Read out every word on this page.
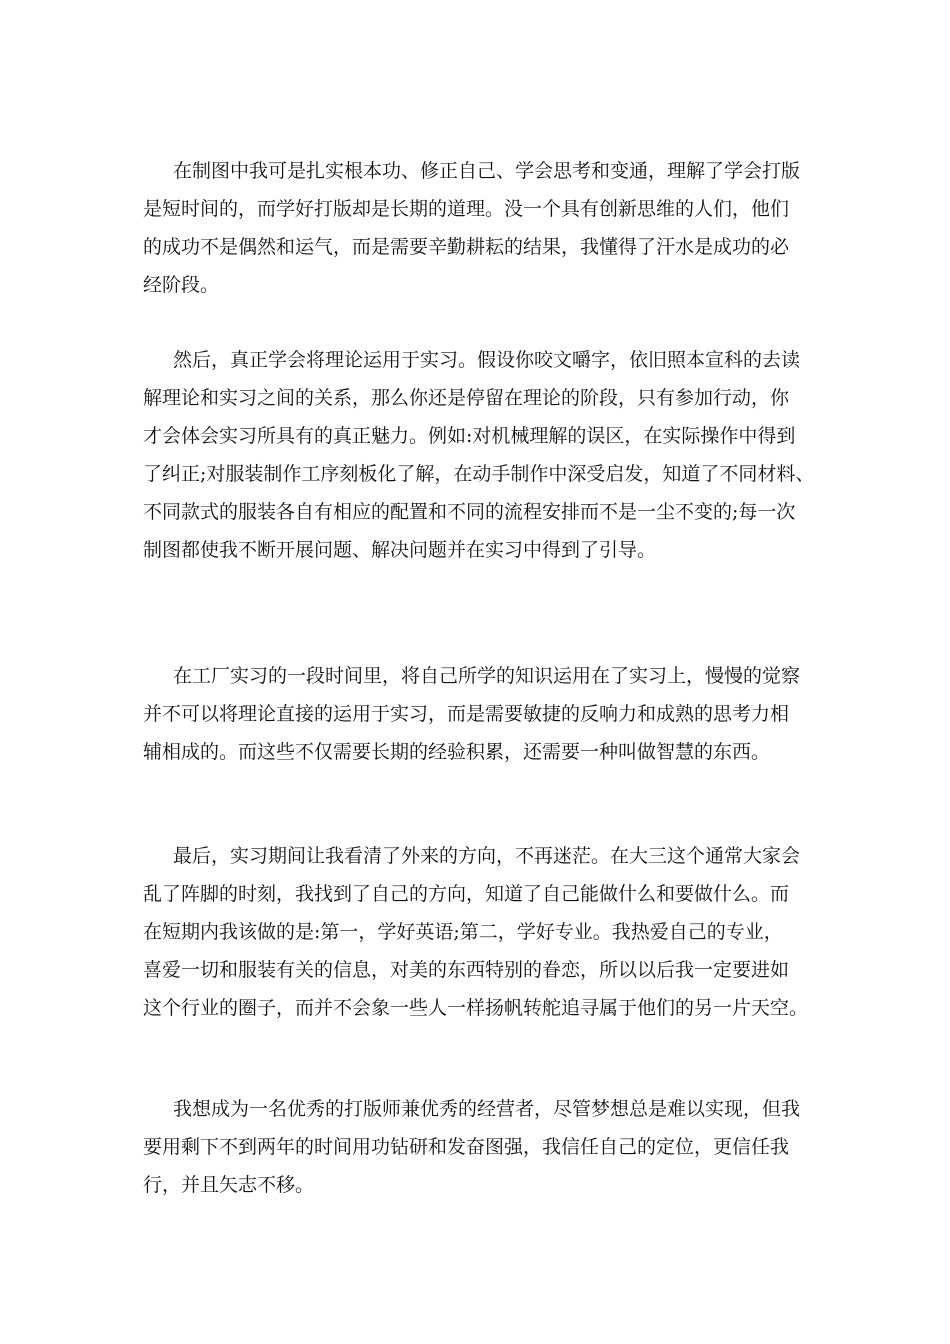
在制图中我可是扎实根本功、修正自己、学会思考和变通，理解了学会打版
是短时间的，而学好打版却是长期的道理。没一个具有创新思维的人们，他们
的成功不是偶然和运气，而是需要辛勤耕耘的结果，我懂得了汗水是成功的必
经阶段。

然后，真正学会将理论运用于实习。假设你咬文嚼字，依旧照本宣科的去读
解理论和实习之间的关系，那么你还是停留在理论的阶段，只有参加行动，你
才会体会实习所具有的真正魅力。例如:对机械理解的误区，在实际操作中得到
了纠正;对服装制作工序刻板化了解，在动手制作中深受启发，知道了不同材料、
不同款式的服装各自有相应的配置和不同的流程安排而不是一尘不变的;每一次
制图都使我不断开展问题、解决问题并在实习中得到了引导。

在工厂实习的一段时间里，将自己所学的知识运用在了实习上，慢慢的觉察
并不可以将理论直接的运用于实习，而是需要敏捷的反响力和成熟的思考力相
辅相成的。而这些不仅需要长期的经验积累，还需要一种叫做智慧的东西。

最后，实习期间让我看清了外来的方向，不再迷茫。在大三这个通常大家会
乱了阵脚的时刻，我找到了自己的方向，知道了自己能做什么和要做什么。而
在短期内我该做的是:第一，学好英语;第二，学好专业。我热爱自己的专业，
喜爱一切和服装有关的信息，对美的东西特别的眷恋，所以以后我一定要进如
这个行业的圈子，而并不会象一些人一样扬帆转舵追寻属于他们的另一片天空。

我想成为一名优秀的打版师兼优秀的经营者，尽管梦想总是难以实现，但我
要用剩下不到两年的时间用功钻研和发奋图强，我信任自己的定位，更信任我
行，并且矢志不移。
